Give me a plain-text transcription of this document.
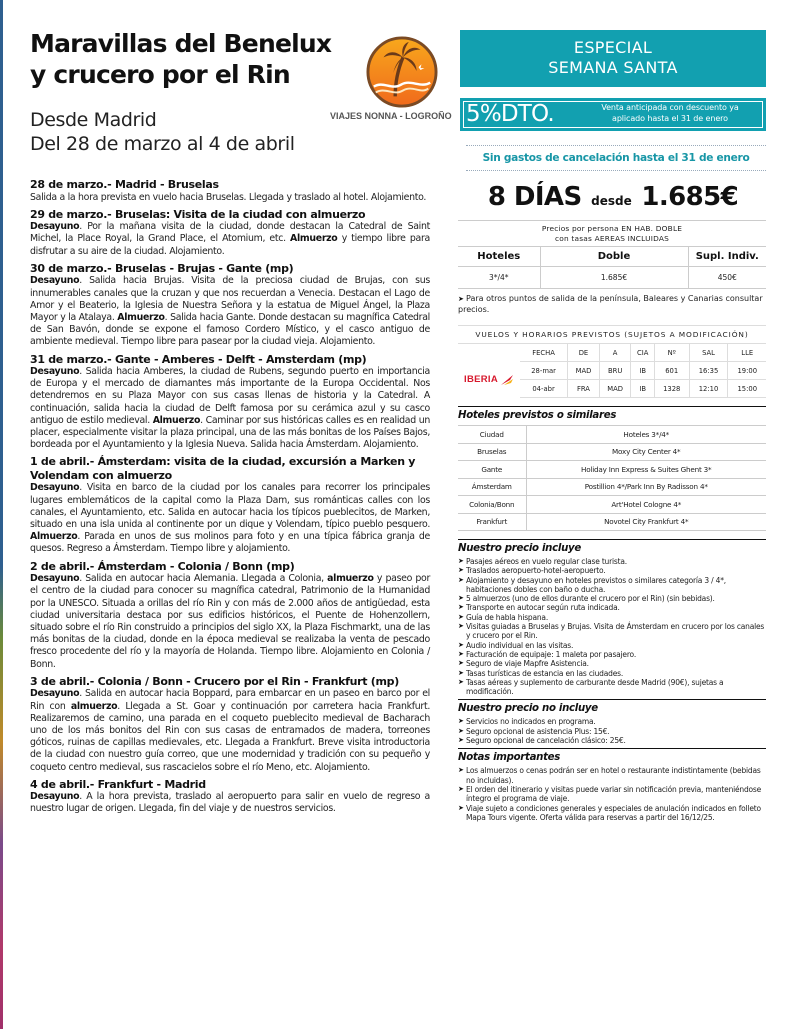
Maravillas del Benelux
y crucero por el Rin
Desde Madrid
Del 28 de marzo al 4 de abril
VIAJES NONNA - LOGROÑO
28 de marzo.- Madrid - Bruselas
Salida a la hora prevista en vuelo hacia Bruselas. Llegada y traslado al hotel. Alojamiento.
29 de marzo.- Bruselas: Visita de la ciudad con almuerzo
Desayuno. Por la mañana visita de la ciudad, donde destacan la Catedral de Saint Michel, la Place Royal, la Grand Place, el Atomium, etc. Almuerzo y tiempo libre para disfrutar a su aire de la ciudad. Alojamiento.
30 de marzo.- Bruselas - Brujas - Gante (mp)
Desayuno. Salida hacia Brujas. Visita de la preciosa ciudad de Brujas, con sus innumerables canales que la cruzan y que nos recuerdan a Venecia. Destacan el Lago de Amor y el Beaterio, la Iglesia de Nuestra Señora y la estatua de Miguel Ángel, la Plaza Mayor y la Atalaya. Almuerzo. Salida hacia Gante. Donde destacan su magnífica Catedral de San Bavón, donde se expone el famoso Cordero Místico, y el casco antiguo de ambiente medieval. Tiempo libre para pasear por la ciudad vieja. Alojamiento.
31 de marzo.- Gante - Amberes - Delft - Amsterdam (mp)
Desayuno. Salida hacia Amberes, la ciudad de Rubens, segundo puerto en importancia de Europa y el mercado de diamantes más importante de la Europa Occidental. Nos detendremos en su Plaza Mayor con sus casas llenas de historia y la Catedral. A continuación, salida hacia la ciudad de Delft famosa por su cerámica azul y su casco antiguo de estilo medieval. Almuerzo. Caminar por sus históricas calles es en realidad un placer, especialmente visitar la plaza principal, una de las más bonitas de los Países Bajos, bordeada por el Ayuntamiento y la Iglesia Nueva. Salida hacia Ámsterdam. Alojamiento.
1 de abril.- Ámsterdam: visita de la ciudad, excursión a Marken y Volendam con almuerzo
Desayuno. Visita en barco de la ciudad por los canales para recorrer los principales lugares emblemáticos de la capital como la Plaza Dam, sus románticas calles con los canales, el Ayuntamiento, etc. Salida en autocar hacia los típicos pueblecitos, de Marken, situado en una isla unida al continente por un dique y Volendam, típico pueblo pesquero. Almuerzo. Parada en unos de sus molinos para foto y en una típica fábrica granja de quesos. Regreso a Ámsterdam. Tiempo libre y alojamiento.
2 de abril.- Ámsterdam - Colonia / Bonn (mp)
Desayuno. Salida en autocar hacia Alemania. Llegada a Colonia, almuerzo y paseo por el centro de la ciudad para conocer su magnífica catedral, Patrimonio de la Humanidad por la UNESCO. Situada a orillas del río Rin y con más de 2.000 años de antigüedad, esta ciudad universitaria destaca por sus edificios históricos, el Puente de Hohenzollern, situado sobre el río Rin construido a principios del siglo XX, la Plaza Fischmarkt, una de las más bonitas de la ciudad, donde en la época medieval se realizaba la venta de pescado fresco procedente del río y la mayoría de Holanda. Tiempo libre. Alojamiento en Colonia / Bonn.
3 de abril.- Colonia / Bonn - Crucero por el Rin - Frankfurt (mp)
Desayuno. Salida en autocar hacia Boppard, para embarcar en un paseo en barco por el Rin con almuerzo. Llegada a St. Goar y continuación por carretera hacia Frankfurt. Realizaremos de camino, una parada en el coqueto pueblecito medieval de Bacharach uno de los más bonitos del Rin con sus casas de entramados de madera, torreones góticos, ruinas de capillas medievales, etc. Llegada a Frankfurt. Breve visita introductoria de la ciudad con nuestro guía correo, que une modernidad y tradición con su pequeño y coqueto centro medieval, sus rascacielos sobre el río Meno, etc. Alojamiento.
4 de abril.- Frankfurt - Madrid
Desayuno. A la hora prevista, traslado al aeropuerto para salir en vuelo de regreso a nuestro lugar de origen. Llegada, fin del viaje y de nuestros servicios.
ESPECIAL
SEMANA SANTA
5%DTO.	Venta anticipada con descuento ya
aplicado hasta el 31 de enero
Sin gastos de cancelación hasta el 31 de enero
8 DÍAS desde 1.685€
Precios por persona EN HAB. DOBLE
con tasas AEREAS INCLUIDAS		

Hoteles	Doble	Supl. Indiv.
3*/4*	1.685€	450€
➤ Para otros puntos de salida de la península, Baleares y Canarias consultar precios.
VUELOS Y HORARIOS PREVISTOS (SUJETOS A MODIFICACIÓN)
	FECHA	DE	A	CIA	Nº	SAL	LLE
IBERIA	28-mar	MAD	BRU	IB	601	16:35	19:00
	04-abr	FRA	MAD	IB	1328	12:10	15:00
Hoteles previstos o similares
Ciudad	Hoteles 3*/4*
Bruselas	Moxy City Center 4*
Gante	Holiday Inn Express & Suites Ghent 3*
Ámsterdam	Postillion 4*/Park Inn By Radisson 4*
Colonia/Bonn	Art'Hotel Cologne 4*
Frankfurt	Novotel City Frankfurt 4*
Nuestro precio incluye
➤ Pasajes aéreos en vuelo regular clase turista.
➤ Traslados aeropuerto-hotel-aeropuerto.
➤ Alojamiento y desayuno en hoteles previstos o similares categoría 3 / 4*, habitaciones dobles con baño o ducha.
➤ 5 almuerzos (uno de ellos durante el crucero por el Rin) (sin bebidas).
➤ Transporte en autocar según ruta indicada.
➤ Guía de habla hispana.
➤ Visitas guiadas a Bruselas y Brujas. Visita de Ámsterdam en crucero por los canales y crucero por el Rin.
➤ Audio individual en las visitas.
➤ Facturación de equipaje: 1 maleta por pasajero.
➤ Seguro de viaje Mapfre Asistencia.
➤ Tasas turísticas de estancia en las ciudades.
➤ Tasas aéreas y suplemento de carburante desde Madrid (90€), sujetas a modificación.
Nuestro precio no incluye
➤ Servicios no indicados en programa.
➤ Seguro opcional de asistencia Plus: 15€.
➤ Seguro opcional de cancelación clásico: 25€.
Notas importantes
➤ Los almuerzos o cenas podrán ser en hotel o restaurante indistintamente (bebidas no incluidas).
➤ El orden del itinerario y visitas puede variar sin notificación previa, manteniéndose íntegro el programa de viaje.
➤ Viaje sujeto a condiciones generales y especiales de anulación indicados en folleto Mapa Tours vigente. Oferta válida para reservas a partir del 16/12/25.
